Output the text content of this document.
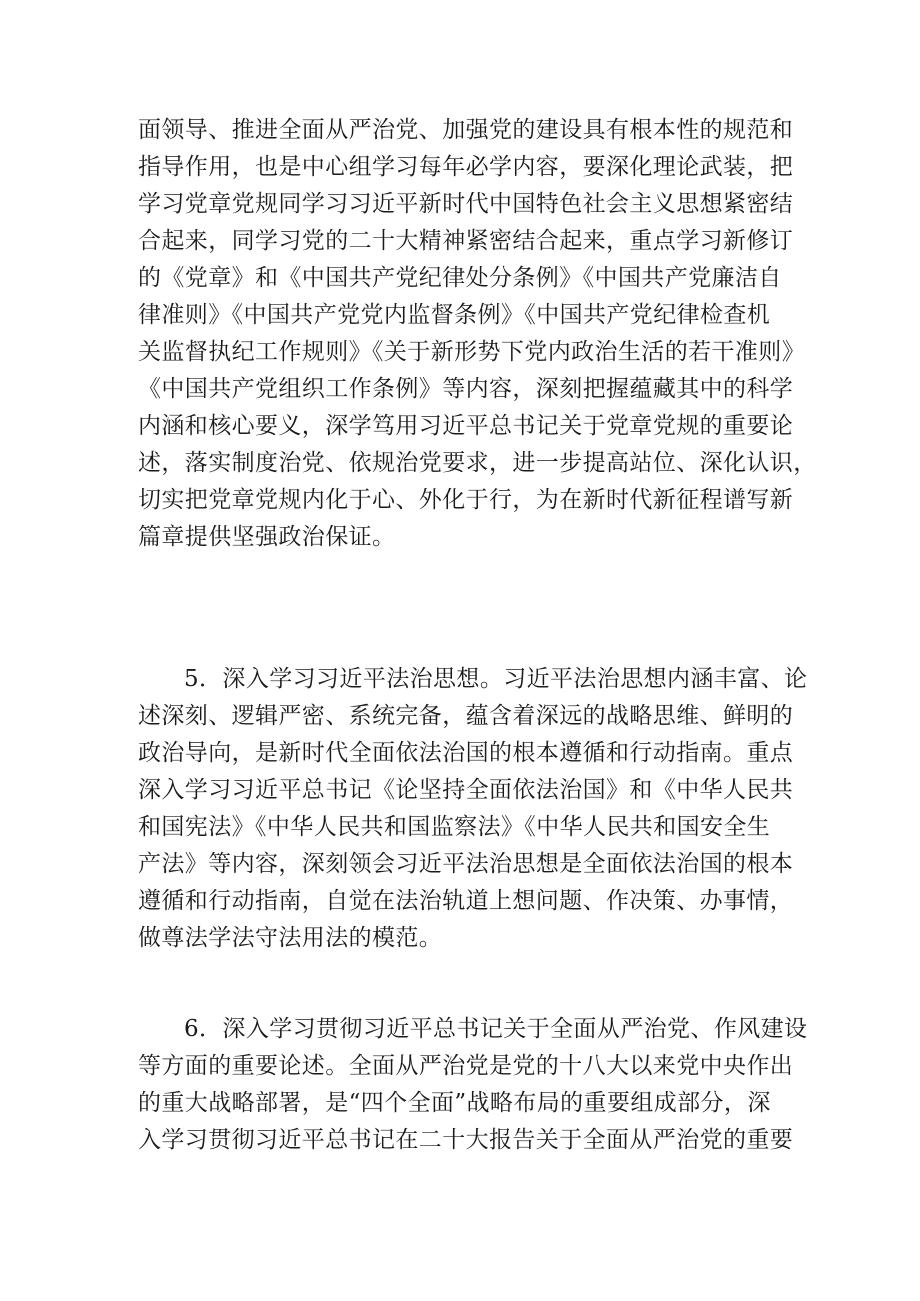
面领导、推进全面从严治党、加强党的建设具有根本性的规范和
指导作用，也是中心组学习每年必学内容，要深化理论武装，把
学习党章党规同学习习近平新时代中国特色社会主义思想紧密结
合起来，同学习党的二十大精神紧密结合起来，重点学习新修订
的《党章》和《中国共产党纪律处分条例》《中国共产党廉洁自
律准则》《中国共产党党内监督条例》《中国共产党纪律检查机
关监督执纪工作规则》《关于新形势下党内政治生活的若干准则》
《中国共产党组织工作条例》等内容，深刻把握蕴藏其中的科学
内涵和核心要义，深学笃用习近平总书记关于党章党规的重要论
述，落实制度治党、依规治党要求，进一步提高站位、深化认识，
切实把党章党规内化于心、外化于行，为在新时代新征程谱写新
篇章提供坚强政治保证。
5．深入学习习近平法治思想。习近平法治思想内涵丰富、论
述深刻、逻辑严密、系统完备，蕴含着深远的战略思维、鲜明的
政治导向，是新时代全面依法治国的根本遵循和行动指南。重点
深入学习习近平总书记《论坚持全面依法治国》和《中华人民共
和国宪法》《中华人民共和国监察法》《中华人民共和国安全生
产法》等内容，深刻领会习近平法治思想是全面依法治国的根本
遵循和行动指南，自觉在法治轨道上想问题、作决策、办事情，
做尊法学法守法用法的模范。
6．深入学习贯彻习近平总书记关于全面从严治党、作风建设
等方面的重要论述。全面从严治党是党的十八大以来党中央作出
的重大战略部署，是“四个全面”战略布局的重要组成部分，深
入学习贯彻习近平总书记在二十大报告关于全面从严治党的重要
